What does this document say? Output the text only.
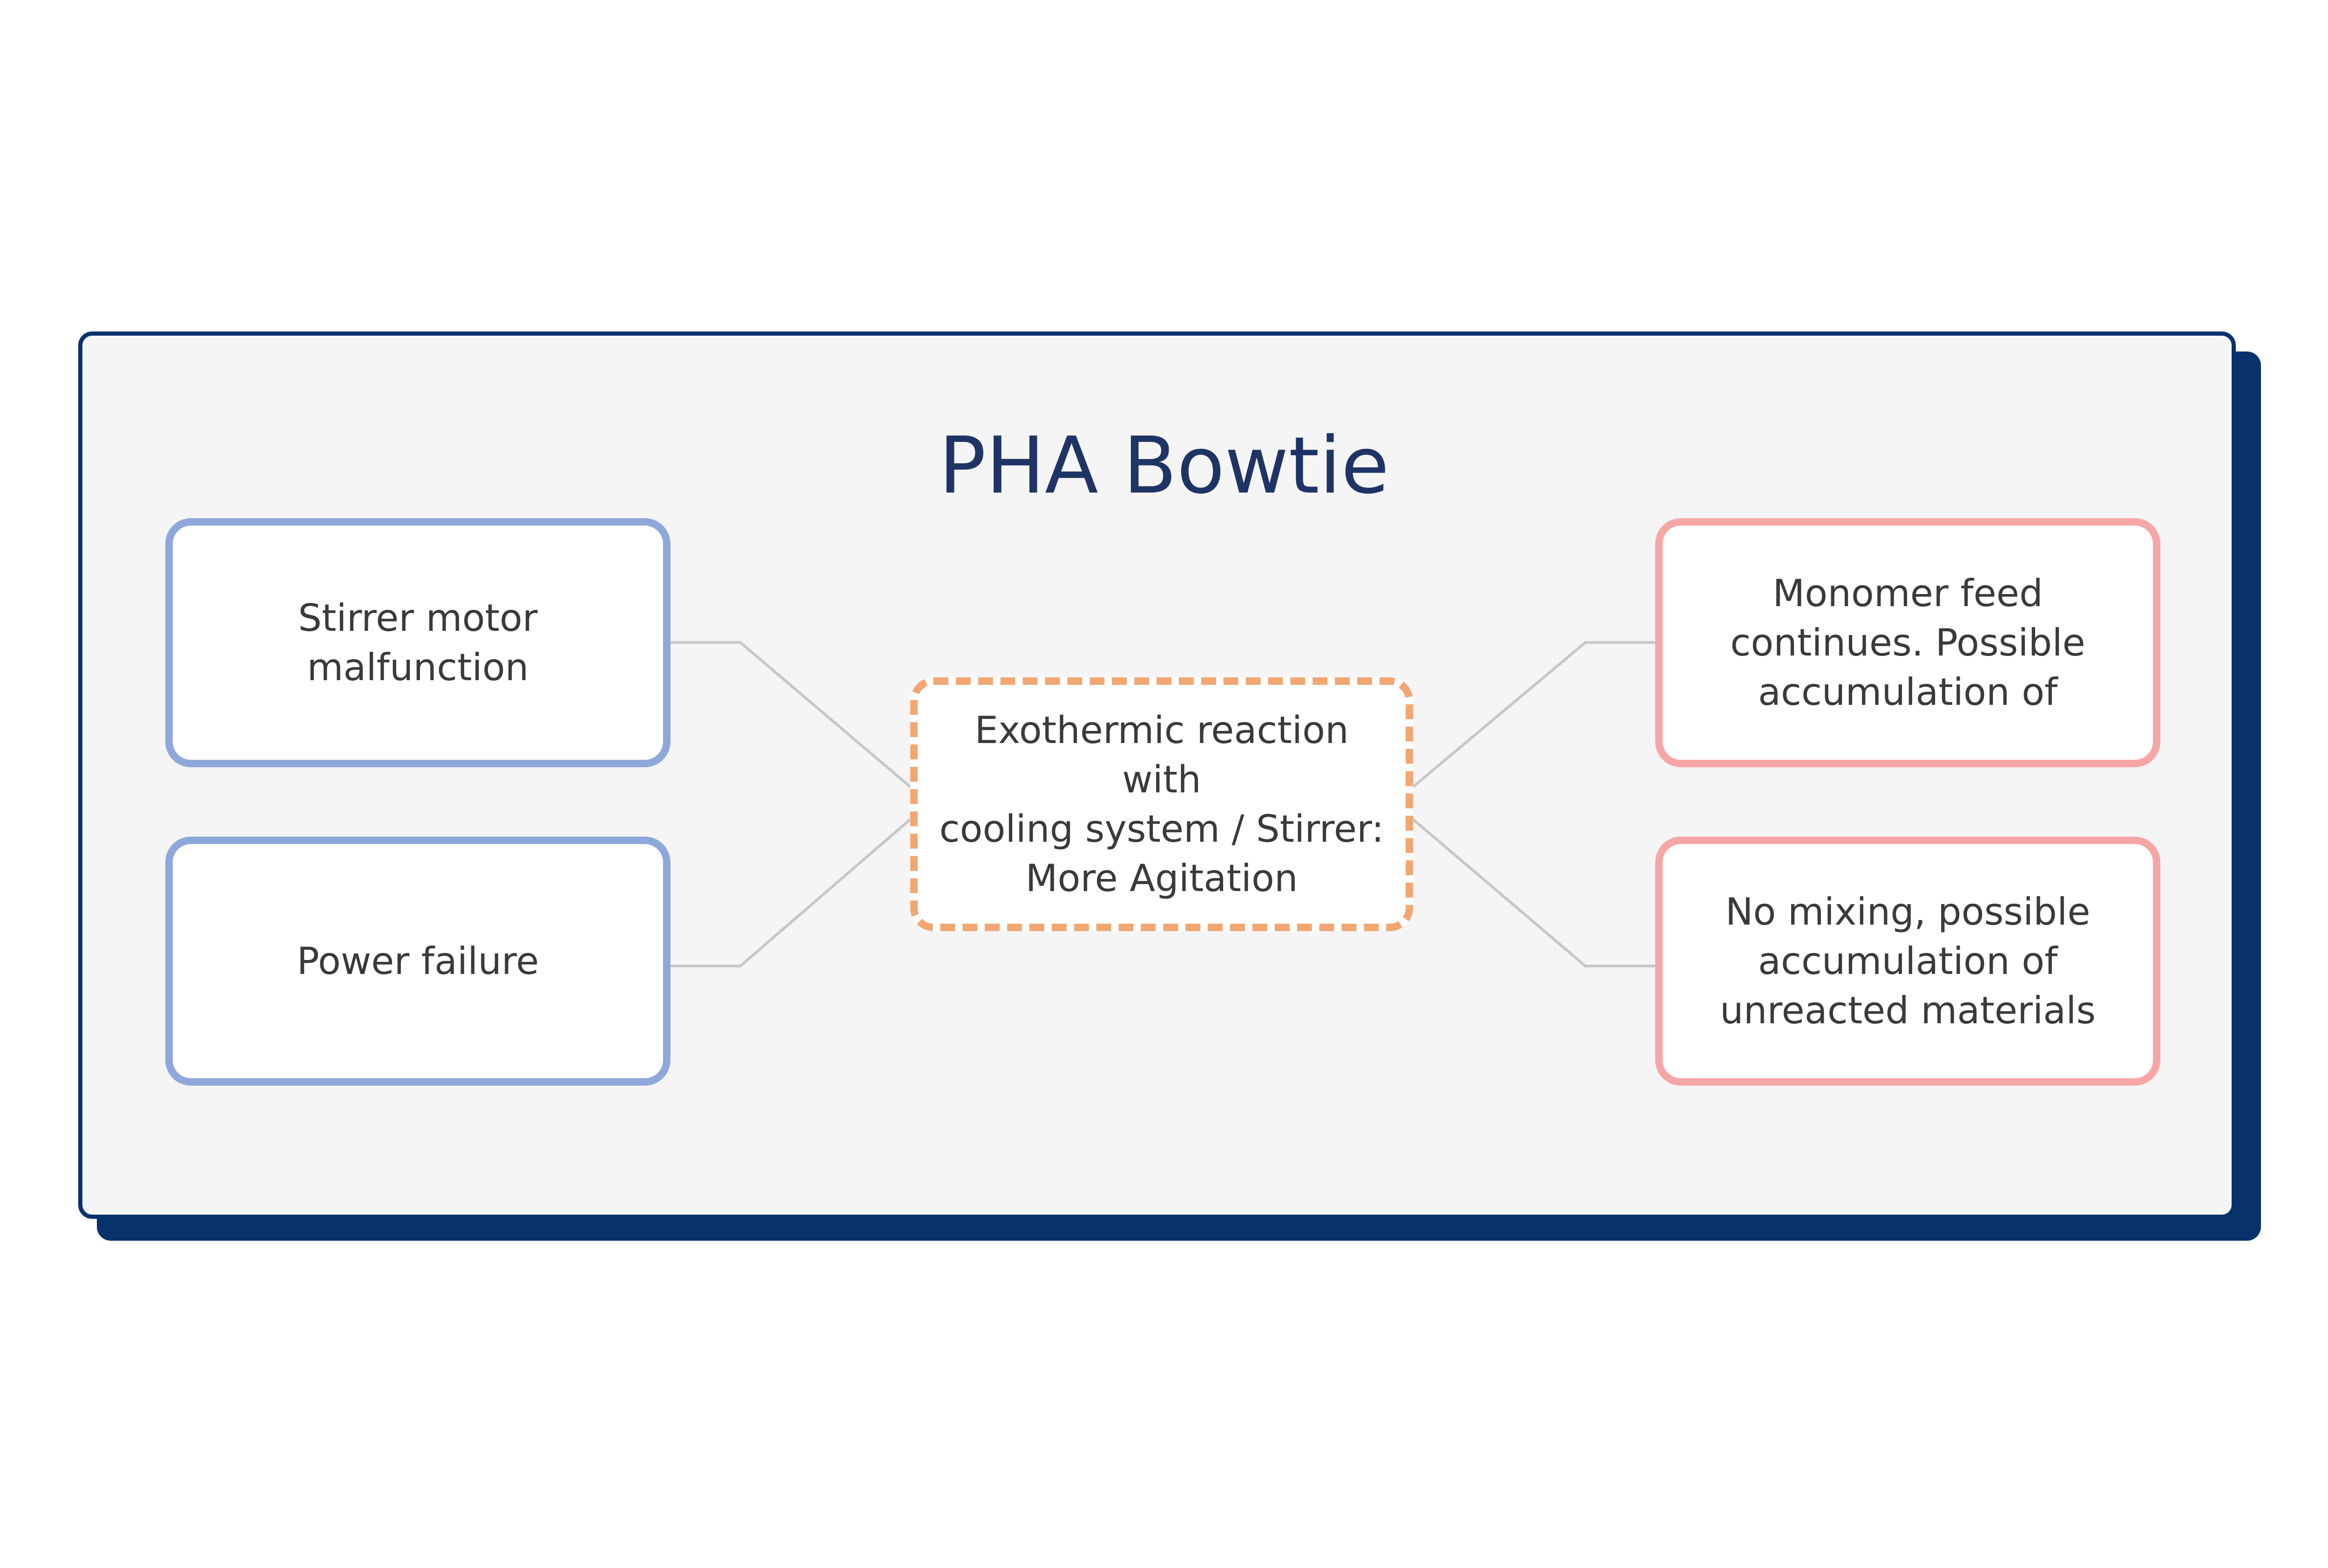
PHA Bowtie
Stirrer motor
malfunction
Power failure
Exothermic reaction with
cooling system / Stirrer:
More Agitation
Monomer feed
continues. Possible
accumulation of
No mixing, possible
accumulation of
unreacted materials
